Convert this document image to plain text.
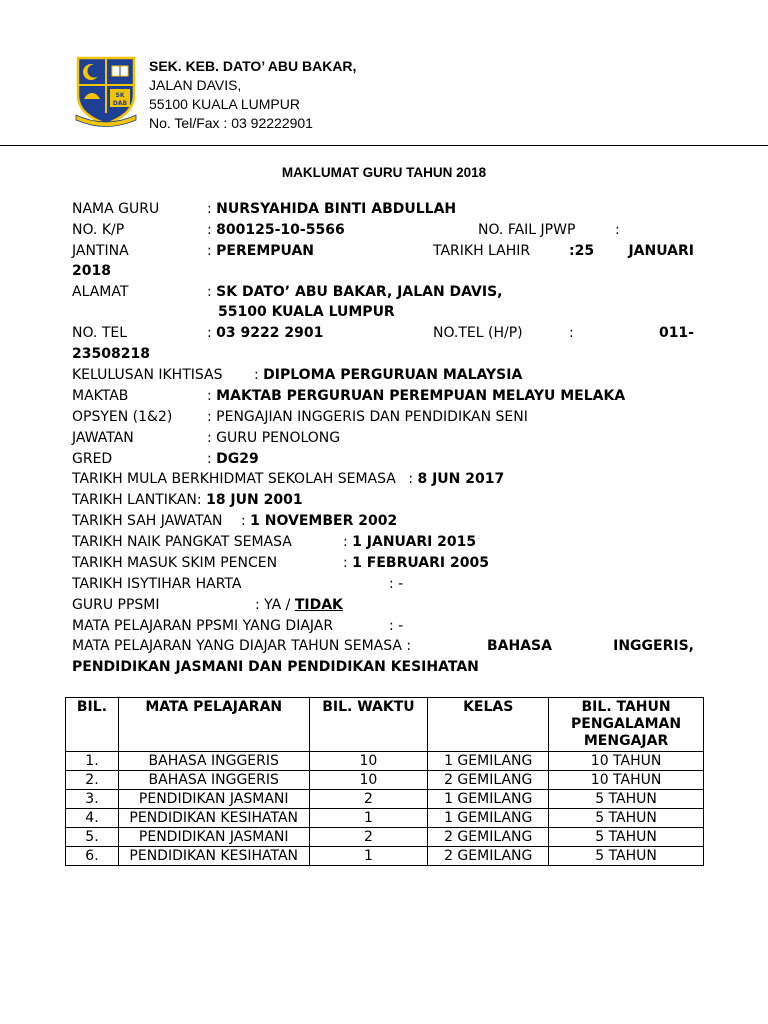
SK
DAB
SEK. KEB. DATO’ ABU BAKAR,
JALAN DAVIS,
55100 KUALA LUMPUR
No. Tel/Fax : 03 92222901
MAKLUMAT GURU TAHUN 2018
NAMA GURU	: NURSYAHIDA BINTI ABDULLAH
NO. K/P	: 800125-10-5566	NO. FAIL JPWP	:
JANTINA	: PEREMPUAN	TARIKH LAHIR	:25 JANUARI
2018
ALAMAT	: SK DATO’ ABU BAKAR, JALAN DAVIS,
55100 KUALA LUMPUR
NO. TEL	: 03 9222 2901	NO.TEL (H/P)	:	011-
23508218
KELULUSAN IKHTISAS : DIPLOMA PERGURUAN MALAYSIA
MAKTAB	: MAKTAB PERGURUAN PEREMPUAN MELAYU MELAKA
OPSYEN (1&2) : PENGAJIAN INGGERIS DAN PENDIDIKAN SENI
JAWATAN	: GURU PENOLONG
GRED	: DG29
TARIKH MULA BERKHIDMAT SEKOLAH SEMASA : 8 JUN 2017
TARIKH LANTIKAN: 18 JUN 2001
TARIKH SAH JAWATAN : 1 NOVEMBER 2002
TARIKH NAIK PANGKAT SEMASA	: 1 JANUARI 2015
TARIKH MASUK SKIM PENCEN	: 1 FEBRUARI 2005
TARIKH ISYTIHAR HARTA	: -
GURU PPSMI	: YA / TIDAK
MATA PELAJARAN PPSMI YANG DIAJAR	: -
MATA PELAJARAN YANG DIAJAR TAHUN SEMASA :	BAHASA	INGGERIS,
PENDIDIKAN JASMANI DAN PENDIDIKAN KESIHATAN
BIL.	MATA PELAJARAN	BIL. WAKTU	KELAS	BIL. TAHUN PENGALAMAN MENGAJAR
1.	BAHASA INGGERIS	10	1 GEMILANG	10 TAHUN
2.	BAHASA INGGERIS	10	2 GEMILANG	10 TAHUN
3.	PENDIDIKAN JASMANI	2	1 GEMILANG	5 TAHUN
4.	PENDIDIKAN KESIHATAN	1	1 GEMILANG	5 TAHUN
5.	PENDIDIKAN JASMANI	2	2 GEMILANG	5 TAHUN
6.	PENDIDIKAN KESIHATAN	1	2 GEMILANG	5 TAHUN
